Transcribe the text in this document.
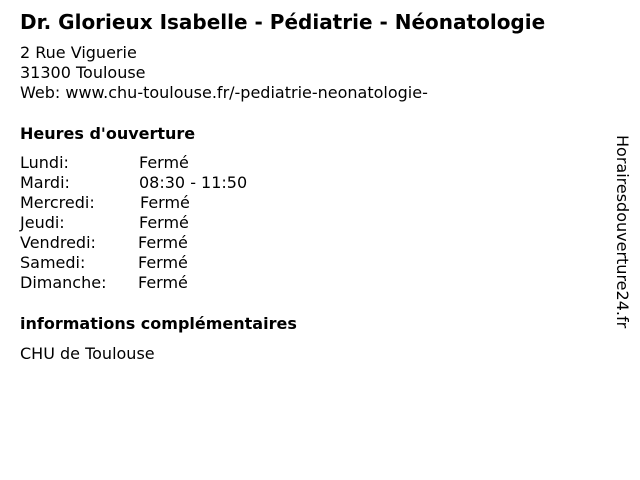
Dr. Glorieux Isabelle - Pédiatrie - Néonatologie
2 Rue Viguerie
31300 Toulouse
Web: www.chu-toulouse.fr/-pediatrie-neonatologie-
Heures d'ouverture
Lundi:	Fermé
Mardi:	08:30 - 11:50
Mercredi:	Fermé
Jeudi:	Fermé
Vendredi:	Fermé
Samedi:	Fermé
Dimanche: Fermé
informations complémentaires
CHU de Toulouse
Horairesdouverture24.fr
